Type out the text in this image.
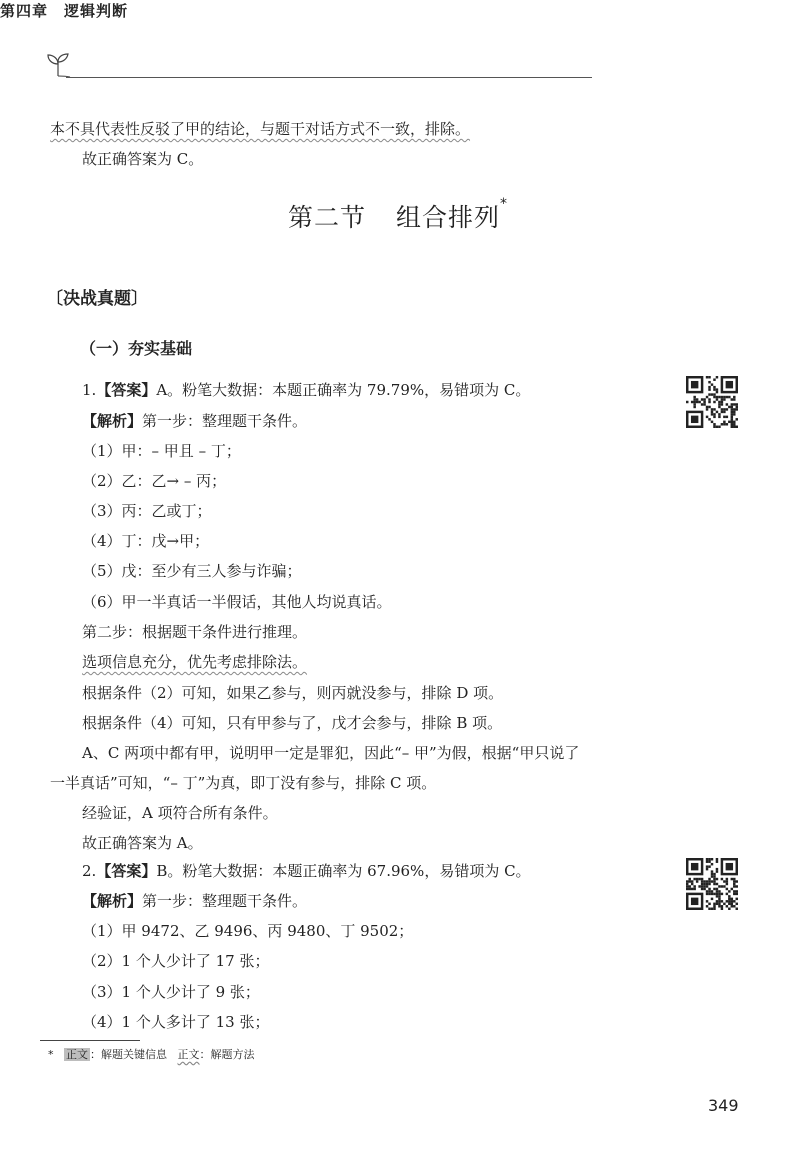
第四章 逻辑判断
本不具代表性反驳了甲的结论，与题干对话方式不一致，排除。
故正确答案为 C。
第二节 组合排列*
〔决战真题〕
（一）夯实基础
1.【答案】A。粉笔大数据：本题正确率为 79.79%，易错项为 C。
【解析】第一步：整理题干条件。
（1）甲：– 甲且 – 丁；
（2）乙：乙→ – 丙；
（3）丙：乙或丁；
（4）丁：戊→甲；
（5）戊：至少有三人参与诈骗；
（6）甲一半真话一半假话，其他人均说真话。
第二步：根据题干条件进行推理。
选项信息充分，优先考虑排除法。
根据条件（2）可知，如果乙参与，则丙就没参与，排除 D 项。
根据条件（4）可知，只有甲参与了，戊才会参与，排除 B 项。
A、C 两项中都有甲，说明甲一定是罪犯，因此“– 甲”为假，根据“甲只说了
一半真话”可知，“– 丁”为真，即丁没有参与，排除 C 项。
经验证，A 项符合所有条件。
故正确答案为 A。
2.【答案】B。粉笔大数据：本题正确率为 67.96%，易错项为 C。
【解析】第一步：整理题干条件。
（1）甲 9472、乙 9496、丙 9480、丁 9502；
（2）1 个人少计了 17 张；
（3）1 个人少计了 9 张；
（4）1 个人多计了 13 张；
* 正文 ：解题关键信息 正文：解题方法
349
